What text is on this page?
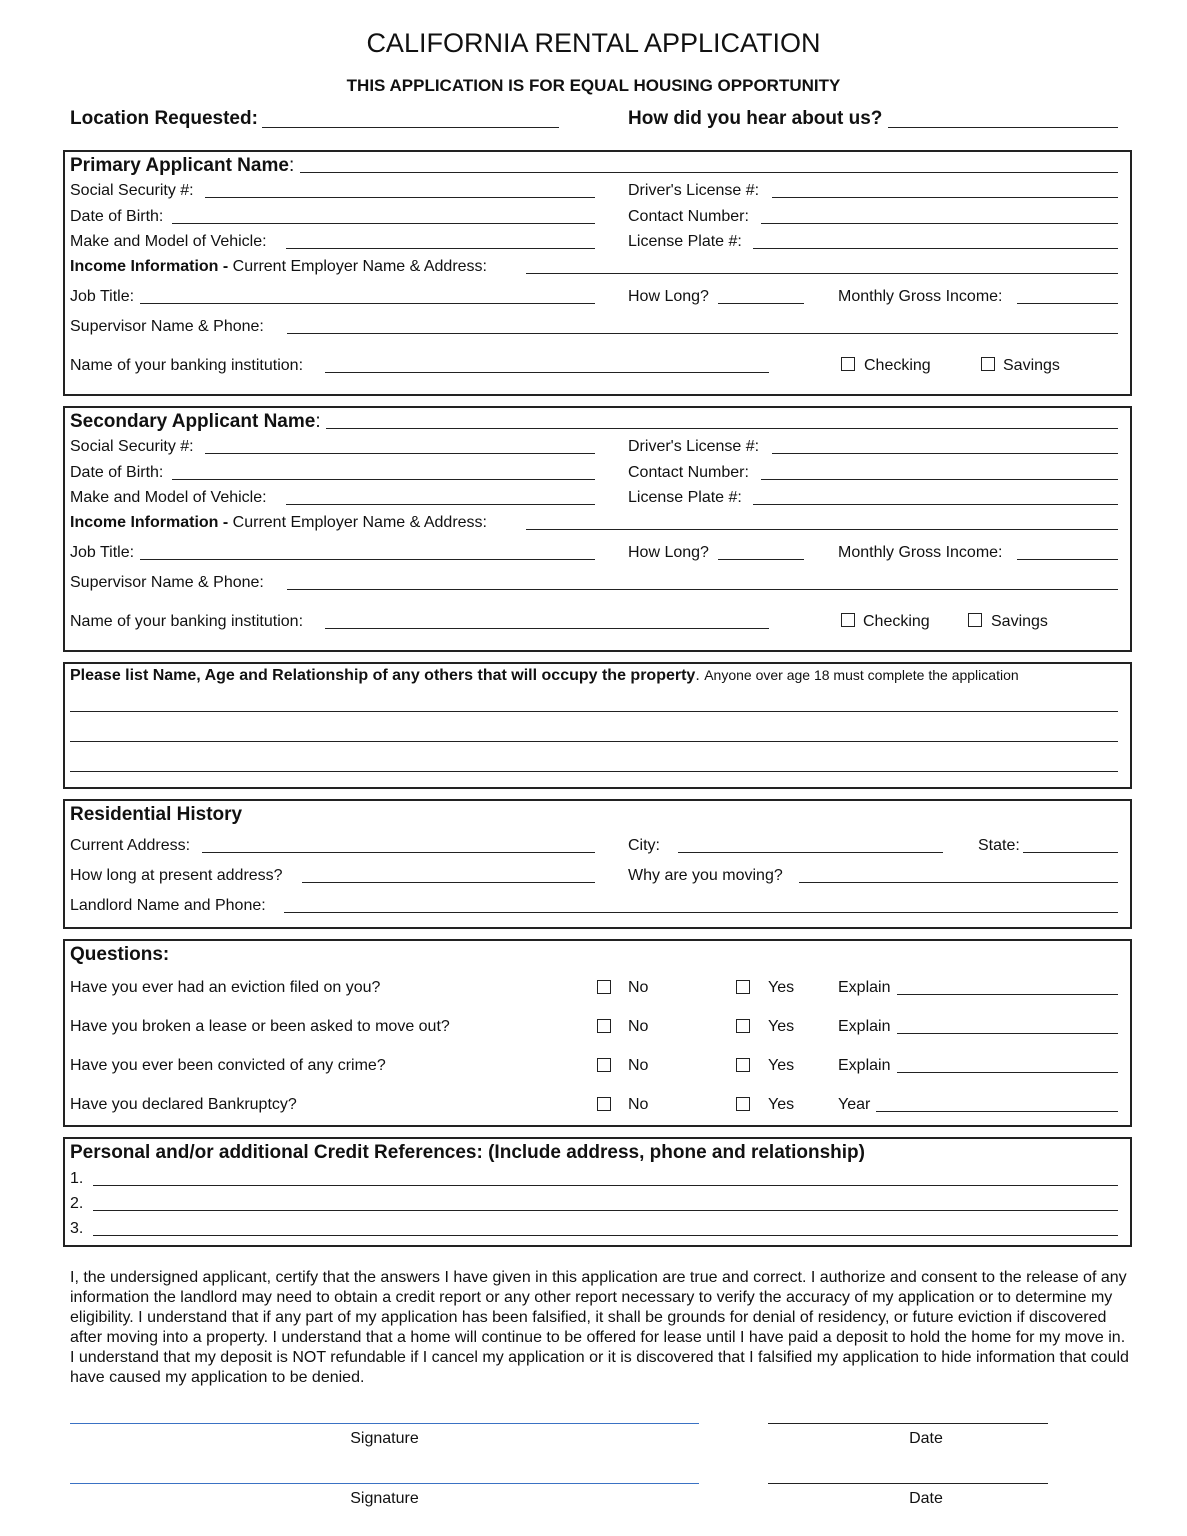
CALIFORNIA RENTAL APPLICATION
THIS APPLICATION IS FOR EQUAL HOUSING OPPORTUNITY
Location Requested:	How did you hear about us?
Primary Applicant Name:
Social Security #:	Driver's License #:
Date of Birth:	Contact Number:
Make and Model of Vehicle:	License Plate #:
Income Information - Current Employer Name & Address:
Job Title:	How Long?	Monthly Gross Income:
Supervisor Name & Phone:
Name of your banking institution:	Checking	Savings
Secondary Applicant Name:
Social Security #:	Driver's License #:
Date of Birth:	Contact Number:
Make and Model of Vehicle:	License Plate #:
Income Information - Current Employer Name & Address:
Job Title:	How Long?	Monthly Gross Income:
Supervisor Name & Phone:
Name of your banking institution:	Checking	Savings
Please list Name, Age and Relationship of any others that will occupy the property. Anyone over age 18 must complete the application
Residential History
Current Address:	City:	State:
How long at present address?	Why are you moving?
Landlord Name and Phone:
Questions:
Have you ever had an eviction filed on you?	No	Yes	Explain
Have you broken a lease or been asked to move out?	No	Yes	Explain
Have you ever been convicted of any crime?	No	Yes	Explain
Have you declared Bankruptcy?	No	Yes	Year
Personal and/or additional Credit References: (Include address, phone and relationship)
1.
2.
3.
I, the undersigned applicant, certify that the answers I have given in this application are true and correct. I authorize and consent to the release of any information the landlord may need to obtain a credit report or any other report necessary to verify the accuracy of my application or to determine my eligibility. I understand that if any part of my application has been falsified, it shall be grounds for denial of residency, or future eviction if discovered after moving into a property. I understand that a home will continue to be offered for lease until I have paid a deposit to hold the home for my move in. I understand that my deposit is NOT refundable if I cancel my application or it is discovered that I falsified my application to hide information that could have caused my application to be denied.
Signature	Date
Signature	Date
